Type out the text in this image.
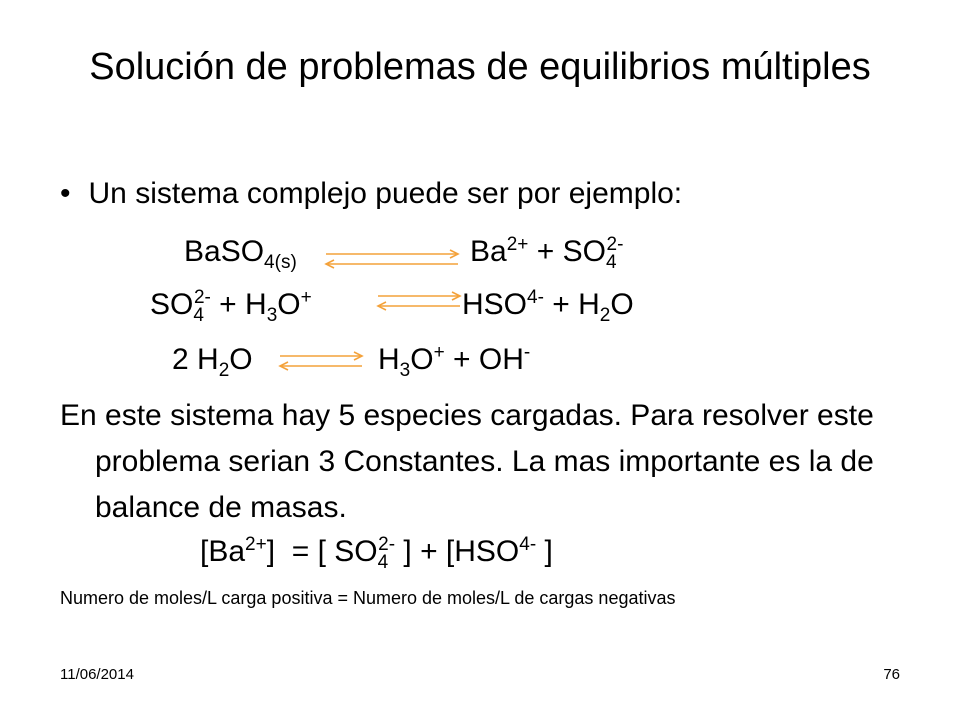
Solución de problemas de equilibrios múltiples
• Un sistema complejo puede ser por ejemplo:
BaSO$_{4(s)}$	$Ba^{2+} + SO_4^{2-}$
$SO_4^{2-} + H_3O^+$	$HSO^{4-} + H_2O$
2 $H_2O$	$H_3O^+ + OH^-$
En este sistema hay 5 especies cargadas. Para resolver este problema serian 3 Constantes. La mas importante es la de balance de masas.
$[Ba^{2+}]$  = [ $SO_4^{2-}$ ] + [$HSO^{4-}$ ]
Numero de moles/L carga positiva = Numero de moles/L de cargas negativas
11/06/2014	76
